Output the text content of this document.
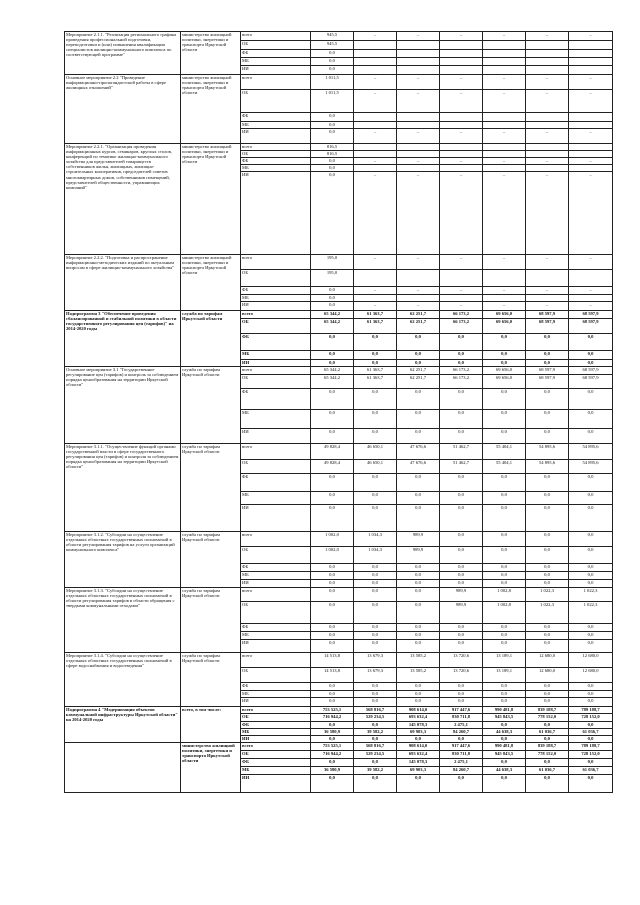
Мероприятие 2.1.1. "Реализация регионального графика проведения профессиональной подготовки, переподготовки и (или) повышения квалификации специалистов жилищно-коммунального комплекса по соответствующей программе"	министерство жилищной политики, энергетики и транспорта Иркутской области	всего	945,5	–	–	–	–	–	–
		ОБ	945,5						
		ФБ	0,0						
		МБ	0,0						
		ИИ	0,0						
Основное мероприятие 2.2 "Проведение информационно-пропагандистской работы в сфере жилищных отношений"	министерство жилищной политики, энергетики и транспорта Иркутской области	всего	1 011,5	–	–	–	–	–	–
		ОБ	1 011,5	–	–	–	–	–	–
		ФБ	0,0						
		МБ	0,0						
		ИИ	0,0	–	–	–	–	–	–
Мероприятие 2.2.1. "Организация проведения информационных курсов, семинаров, круглых столов, конференций по тематике жилищно-коммунального хозяйства для представителей товариществ собственников жилья, жилищных, жилищно-строительных кооперативов, председателей советов многоквартирных домов, собственников помещений, представителей общественности, управляющих компаний"	министерство жилищной политики, энергетики и транспорта Иркутской области	всего	816,5						
		ОБ	816,5						
		ФБ	0,0	–	–	–	–	–	–
		МБ	0,0						
		ИИ	0,0	–	–	–	–	–	–
Мероприятие 2.2.2. "Подготовка и распространение информационно-методических изданий по актуальным вопросам в сфере жилищно-коммунального хозяйства"	министерство жилищной политики, энергетики и транспорта Иркутской области	всего	195,0	–	–	–	–	–	–
		ОБ	195,0						
		ФБ	0,0	–	–	–	–	–	–
		МБ	0,0						
		ИИ	0,0	–	–	–	–	–	–
Подпрограмма 3 "Обеспечение проведения сбалансированной и стабильной политики в области государственного регулирования цен (тарифов)" на 2014-2020 годы	служба по тарифам Иркутской области	всего	65 344,2	61 363,7	62 251,7	66 173,2	69 656,0	68 597,9	68 597,9
		ОБ	65 344,2	61 363,7	62 251,7	66 173,2	69 656,0	68 597,9	68 597,9
		ФБ	0,0	0,0	0,0	0,0	0,0	0,0	0,0
		МБ	0,0	0,0	0,0	0,0	0,0	0,0	0,0
		ИИ	0,0	0,0	0,0	0,0	0,0	0,0	0,0
Основное мероприятие 3.1 "Государственное регулирование цен (тарифов) и контроль за соблюдением порядка ценообразования на территории Иркутской области"	служба по тарифам Иркутской области	всего	65 344,2	61 363,7	62 251,7	66 173,2	69 656,0	68 597,9	68 597,9
		ОБ	65 344,2	61 363,7	62 251,7	66 173,2	69 656,0	68 597,9	68 597,9
		ФБ	0,0	0,0	0,0	0,0	0,0	0,0	0,0
		МБ	0,0	0,0	0,0	0,0	0,0	0,0	0,0
		ИИ	0,0	0,0	0,0	0,0	0,0	0,0	0,0
Мероприятие 3.1.1. "Осуществление функций органами государственной власти в сфере государственного регулирования цен (тарифов) и контроля за соблюдением порядка ценообразования на территории Иркутской области"	служба по тарифам Иркутской области	всего	49 828,4	46 650,1	47 676,6	51 462,7	55 404,1	54 895,6	54 895,6
		ОБ	49 828,4	46 650,1	47 676,6	51 462,7	55 404,1	54 895,6	54 895,6
		ФБ	0,0	0,0	0,0	0,0	0,0	0,0	0,0
		МБ	0,0	0,0	0,0	0,0	0,0	0,0	0,0
		ИИ	0,0	0,0	0,0	0,0	0,0	0,0	0,0
Мероприятие 3.1.2. "Субсидии на осуществление отдельных областных государственных полномочий в области регулирования тарифов на услуги организаций коммунального комплекса"	служба по тарифам Иркутской области	всего	1 002,0	1 034,3	989,9	0,0	0,0	0,0	0,0
		ОБ	1 002,0	1 034,3	989,9	0,0	0,0	0,0	0,0
		ФБ	0,0	0,0	0,0	0,0	0,0	0,0	0,0
		МБ	0,0	0,0	0,0	0,0	0,0	0,0	0,0
		ИИ	0,0	0,0	0,0	0,0	0,0	0,0	0,0
Мероприятие 3.1.3. "Субсидии на осуществление отдельных областных государственных полномочий в области регулирования тарифов в области обращения с твердыми коммунальными отходами"	служба по тарифам Иркутской области	всего	0,0	0,0	0,0	989,9	1 002,8	1 022,3	1 022,3
		ОБ	0,0	0,0	0,0	989,9	1 002,8	1 022,3	1 022,3
		ФБ	0,0	0,0	0,0	0,0	0,0	0,0	0,0
		МБ	0,0	0,0	0,0	0,0	0,0	0,0	0,0
		ИИ	0,0	0,0	0,0	0,0	0,0	0,0	0,0
Мероприятие 3.1.4. "Субсидии на осуществление отдельных областных государственных полномочий в сфере водоснабжения и водоотведения"	служба по тарифам Иркутской области	всего	14 513,8	13 679,3	13 585,2	13 720,6	13 189,1	12 680,0	12 680,0
		ОБ	14 513,8	13 679,3	13 585,2	13 720,6	13 189,1	12 680,0	12 680,0
		ФБ	0,0	0,0	0,0	0,0	0,0	0,0	0,0
		МБ	0,0	0,0	0,0	0,0	0,0	0,0	0,0
		ИИ	0,0	0,0	0,0	0,0	0,0	0,0	0,0
Подпрограмма 4 "Модернизация объектов коммунальной инфраструктуры Иркутской области" на 2014-2020 годы	всего, в том числе:	всего	753 525,1	568 816,7	908 614,0	917 447,6	990 481,8	839 188,7	789 188,7
		ОБ	716 944,2	529 234,5	693 632,4	830 711,8	945 843,5	778 152,0	728 152,0
		ФБ	0,0	0,0	145 078,3	2 475,1	0,0	0,0	0,0
		МБ	36 580,9	39 582,2	69 903,3	84 260,7	44 638,3	61 036,7	61 036,7
		ИИ	0,0	0,0	0,0	0,0	0,0	0,0	0,0
	министерство жилищной политики, энергетики и транспорта Иркутской области	всего	753 525,1	568 816,7	908 614,0	917 447,6	990 481,8	839 188,7	789 188,7
		ОБ	716 944,2	529 234,5	693 632,4	830 711,8	945 843,5	778 152,0	728 152,0
		ФБ	0,0	0,0	145 078,3	2 475,1	0,0	0,0	0,0
		МБ	36 580,9	39 582,2	69 903,3	84 260,7	44 638,3	61 036,7	61 036,7
		ИИ	0,0	0,0	0,0	0,0	0,0	0,0	0,0
